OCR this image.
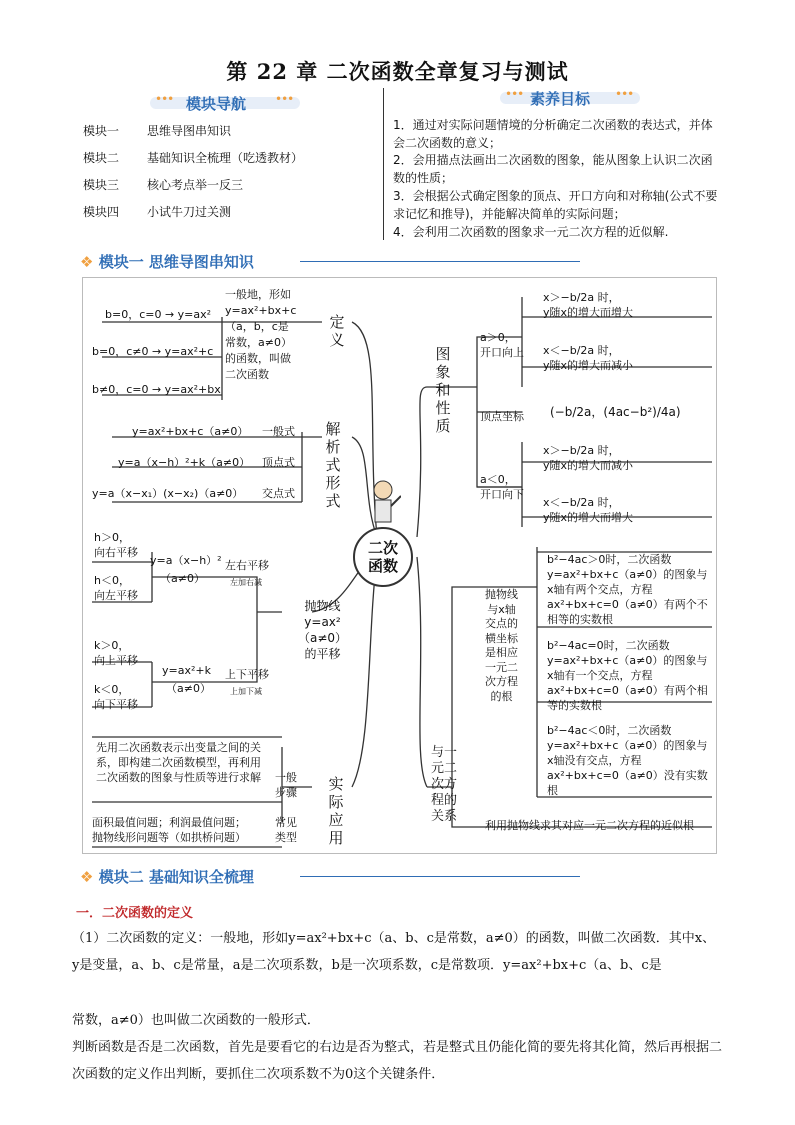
第 22 章 二次函数全章复习与测试
•••	•••
模块导航
模块一 思维导图串知识
模块二 基础知识全梳理（吃透教材）
模块三 核心考点举一反三
模块四 小试牛刀过关测
•••	•••
素养目标
1．通过对实际问题情境的分析确定二次函数的表达式，并体会二次函数的意义；
2．会用描点法画出二次函数的图象，能从图象上认识二次函数的性质；
3．会根据公式确定图象的顶点、开口方向和对称轴(公式不要求记忆和推导)，并能解决简单的实际问题；
4．会利用二次函数的图象求一元二次方程的近似解.
❖ 模块一 思维导图串知识
二次
函数
定义
一般地，形如
y=ax²+bx+c
（a，b，c是
常数，a≠0）
的函数，叫做
二次函数
b=0，c=0 → y=ax²
b=0，c≠0 → y=ax²+c
b≠0，c=0 → y=ax²+bx
解析式形式
y=ax²+bx+c（a≠0） 一般式
y=a（x−h）²+k（a≠0） 顶点式
y=a（x−x₁）(x−x₂)（a≠0） 交点式
抛物线
y=ax²
（a≠0）
的平移
y=a（x−h）²
（a≠0）
左右平移
左加右减
h＞0，
向右平移
h＜0，
向左平移
y=ax²+k
（a≠0）
上下平移
上加下减
k＞0，
向上平移
k＜0，
向下平移
实际应用
先用二次函数表示出变量之间的关系，即构建二次函数模型，再利用二次函数的图象与性质等进行求解	一般
步骤
面积最值问题；利润最值问题；
抛物线形问题等（如拱桥问题）
常见
类型
图象和性质
a＞0，
开口向上
a＜0，
开口向下
顶点坐标 (−b/2a，(4ac−b²)/4a)
x＞−b/2a 时，
y随x的增大而增大
x＜−b/2a 时，
y随x的增大而减小
x＞−b/2a 时，
y随x的增大而减小
x＜−b/2a 时，
y随x的增大而增大
与一元二次方程的关系
抛物线
与x轴
交点的
横坐标
是相应
一元二
次方程
的根
b²−4ac＞0时，二次函数y=ax²+bx+c（a≠0）的图象与x轴有两个交点，方程ax²+bx+c=0（a≠0）有两个不相等的实数根
b²−4ac=0时，二次函数y=ax²+bx+c（a≠0）的图象与x轴有一个交点，方程ax²+bx+c=0（a≠0）有两个相等的实数根
b²−4ac＜0时，二次函数y=ax²+bx+c（a≠0）的图象与x轴没有交点，方程ax²+bx+c=0（a≠0）没有实数根
利用抛物线求其对应一元二次方程的近似根
❖ 模块二 基础知识全梳理
一．二次函数的定义
（1）二次函数的定义：一般地，形如y=ax²+bx+c（a、b、c是常数，a≠0）的函数，叫做二次函数．其中x、y是变量，a、b、c是常量，a是二次项系数，b是一次项系数，c是常数项．y=ax²+bx+c（a、b、c是
常数，a≠0）也叫做二次函数的一般形式．
判断函数是否是二次函数，首先是要看它的右边是否为整式，若是整式且仍能化简的要先将其化简，然后再根据二次函数的定义作出判断，要抓住二次项系数不为0这个关键条件．
